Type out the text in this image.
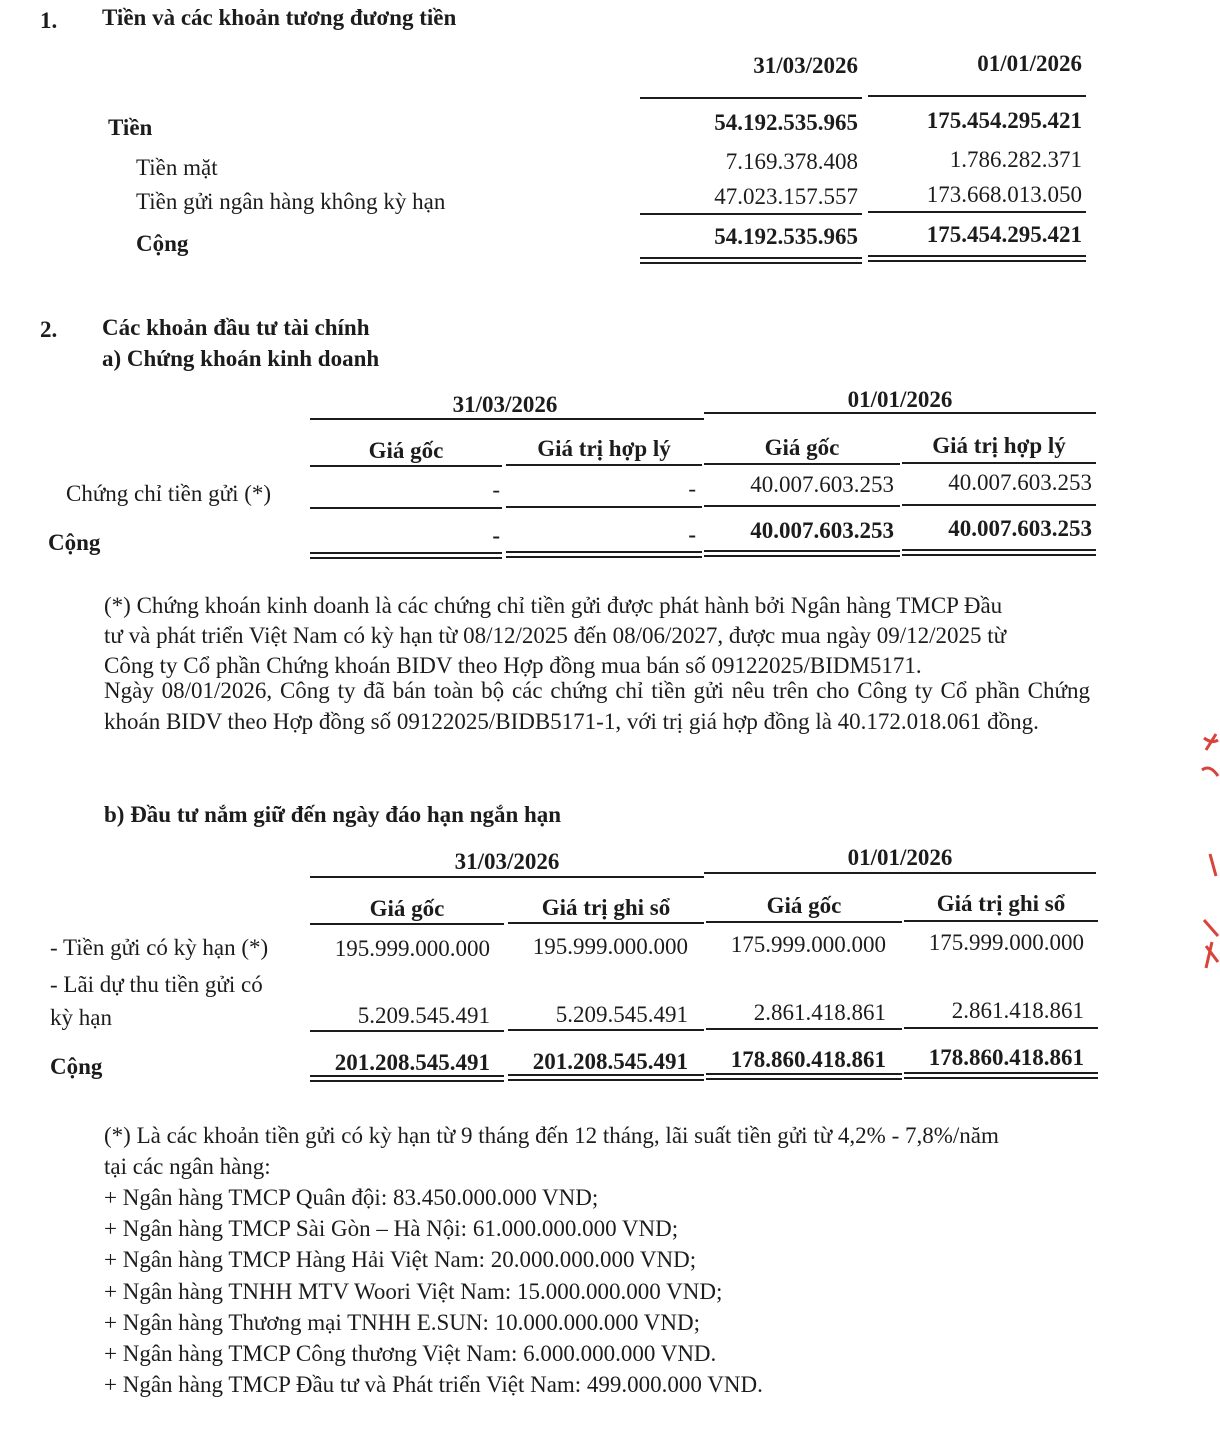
1. Tiền và các khoản tương đương tiền
31/03/2026	01/01/2026
Tiền	54.192.535.965	175.454.295.421
Tiền mặt	7.169.378.408	1.786.282.371
Tiền gửi ngân hàng không kỳ hạn	47.023.157.557	173.668.013.050
Cộng	54.192.535.965	175.454.295.421
2. Các khoản đầu tư tài chính
a) Chứng khoán kinh doanh
31/03/2026	01/01/2026
Giá gốc	Giá trị hợp lý	Giá gốc	Giá trị hợp lý
Chứng chỉ tiền gửi (*)	-	-	40.007.603.253	40.007.603.253
Cộng	-	-	40.007.603.253	40.007.603.253
(*) Chứng khoán kinh doanh là các chứng chỉ tiền gửi được phát hành bởi Ngân hàng TMCP Đầu
tư và phát triển Việt Nam có kỳ hạn từ 08/12/2025 đến 08/06/2027, được mua ngày 09/12/2025 từ
Công ty Cổ phần Chứng khoán BIDV theo Hợp đồng mua bán số 09122025/BIDM5171.
Ngày 08/01/2026, Công ty đã bán toàn bộ các chứng chỉ tiền gửi nêu trên cho Công ty Cổ phần Chứng khoán BIDV theo Hợp đồng số 09122025/BIDB5171-1, với trị giá hợp đồng là 40.172.018.061 đồng.
b) Đầu tư nắm giữ đến ngày đáo hạn ngắn hạn
31/03/2026	01/01/2026
Giá gốc	Giá trị ghi sổ	Giá gốc	Giá trị ghi sổ
- Tiền gửi có kỳ hạn (*)	195.999.000.000	195.999.000.000	175.999.000.000	175.999.000.000
- Lãi dự thu tiền gửi có
kỳ hạn	5.209.545.491	5.209.545.491	2.861.418.861	2.861.418.861
Cộng	201.208.545.491	201.208.545.491	178.860.418.861	178.860.418.861
(*) Là các khoản tiền gửi có kỳ hạn từ 9 tháng đến 12 tháng, lãi suất tiền gửi từ 4,2% - 7,8%/năm
tại các ngân hàng:
+ Ngân hàng TMCP Quân đội: 83.450.000.000 VND;
+ Ngân hàng TMCP Sài Gòn – Hà Nội: 61.000.000.000 VND;
+ Ngân hàng TMCP Hàng Hải Việt Nam: 20.000.000.000 VND;
+ Ngân hàng TNHH MTV Woori Việt Nam: 15.000.000.000 VND;
+ Ngân hàng Thương mại TNHH E.SUN: 10.000.000.000 VND;
+ Ngân hàng TMCP Công thương Việt Nam: 6.000.000.000 VND.
+ Ngân hàng TMCP Đầu tư và Phát triển Việt Nam: 499.000.000 VND.
